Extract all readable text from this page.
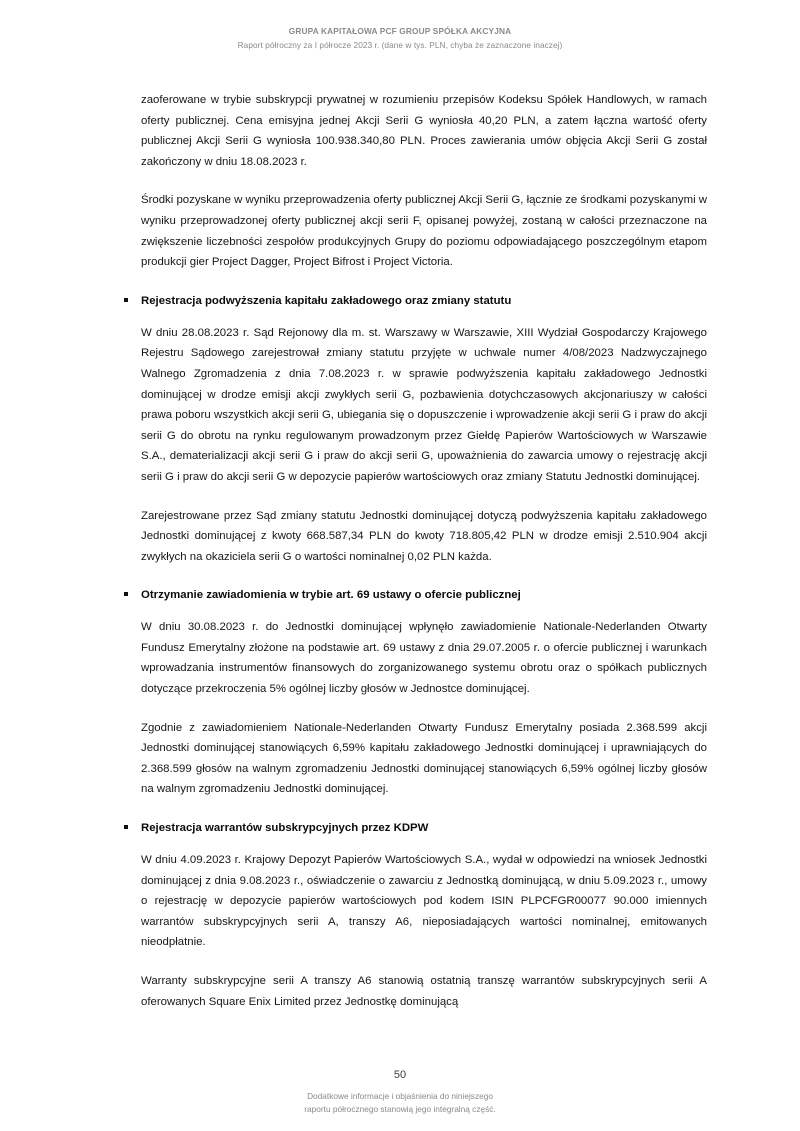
GRUPA KAPITAŁOWA PCF GROUP SPÓŁKA AKCYJNA
Raport półroczny za I półrocze 2023 r. (dane w tys. PLN, chyba że zaznaczone inaczej)

zaoferowane w trybie subskrypcji prywatnej w rozumieniu przepisów Kodeksu Spółek Handlowych, w ramach oferty publicznej. Cena emisyjna jednej Akcji Serii G wyniosła 40,20 PLN, a zatem łączna wartość oferty publicznej Akcji Serii G wyniosła 100.938.340,80 PLN. Proces zawierania umów objęcia Akcji Serii G został zakończony w dniu 18.08.2023 r.

Środki pozyskane w wyniku przeprowadzenia oferty publicznej Akcji Serii G, łącznie ze środkami pozyskanymi w wyniku przeprowadzonej oferty publicznej akcji serii F, opisanej powyżej, zostaną w całości przeznaczone na zwiększenie liczebności zespołów produkcyjnych Grupy do poziomu odpowiadającego poszczególnym etapom produkcji gier Project Dagger, Project Bifrost i Project Victoria.

Rejestracja podwyższenia kapitału zakładowego oraz zmiany statutu

W dniu 28.08.2023 r. Sąd Rejonowy dla m. st. Warszawy w Warszawie, XIII Wydział Gospodarczy Krajowego Rejestru Sądowego zarejestrował zmiany statutu przyjęte w uchwale numer 4/08/2023 Nadzwyczajnego Walnego Zgromadzenia z dnia 7.08.2023 r. w sprawie podwyższenia kapitału zakładowego Jednostki dominującej w drodze emisji akcji zwykłych serii G, pozbawienia dotychczasowych akcjonariuszy w całości prawa poboru wszystkich akcji serii G, ubiegania się o dopuszczenie i wprowadzenie akcji serii G i praw do akcji serii G do obrotu na rynku regulowanym prowadzonym przez Giełdę Papierów Wartościowych w Warszawie S.A., dematerializacji akcji serii G i praw do akcji serii G, upoważnienia do zawarcia umowy o rejestrację akcji serii G i praw do akcji serii G w depozycie papierów wartościowych oraz zmiany Statutu Jednostki dominującej.

Zarejestrowane przez Sąd zmiany statutu Jednostki dominującej dotyczą podwyższenia kapitału zakładowego Jednostki dominującej z kwoty 668.587,34 PLN do kwoty 718.805,42 PLN w drodze emisji 2.510.904 akcji zwykłych na okaziciela serii G o wartości nominalnej 0,02 PLN każda.

Otrzymanie zawiadomienia w trybie art. 69 ustawy o ofercie publicznej

W dniu 30.08.2023 r. do Jednostki dominującej wpłynęło zawiadomienie Nationale-Nederlanden Otwarty Fundusz Emerytalny złożone na podstawie art. 69 ustawy z dnia 29.07.2005 r. o ofercie publicznej i warunkach wprowadzania instrumentów finansowych do zorganizowanego systemu obrotu oraz o spółkach publicznych dotyczące przekroczenia 5% ogólnej liczby głosów w Jednostce dominującej.

Zgodnie z zawiadomieniem Nationale-Nederlanden Otwarty Fundusz Emerytalny posiada 2.368.599 akcji Jednostki dominującej stanowiących 6,59% kapitału zakładowego Jednostki dominującej i uprawniających do 2.368.599 głosów na walnym zgromadzeniu Jednostki dominującej stanowiących 6,59% ogólnej liczby głosów na walnym zgromadzeniu Jednostki dominującej.

Rejestracja warrantów subskrypcyjnych przez KDPW

W dniu 4.09.2023 r. Krajowy Depozyt Papierów Wartościowych S.A., wydał w odpowiedzi na wniosek Jednostki dominującej z dnia 9.08.2023 r., oświadczenie o zawarciu z Jednostką dominującą, w dniu 5.09.2023 r., umowy o rejestrację w depozycie papierów wartościowych pod kodem ISIN PLPCFGR00077 90.000 imiennych warrantów subskrypcyjnych serii A, transzy A6, nieposiadających wartości nominalnej, emitowanych nieodpłatnie.

Warranty subskrypcyjne serii A transzy A6 stanowią ostatnią transzę warrantów subskrypcyjnych serii A oferowanych Square Enix Limited przez Jednostkę dominującą

50
Dodatkowe informacje i objaśnienia do niniejszego
raportu półrocznego stanowią jego integralną część.
